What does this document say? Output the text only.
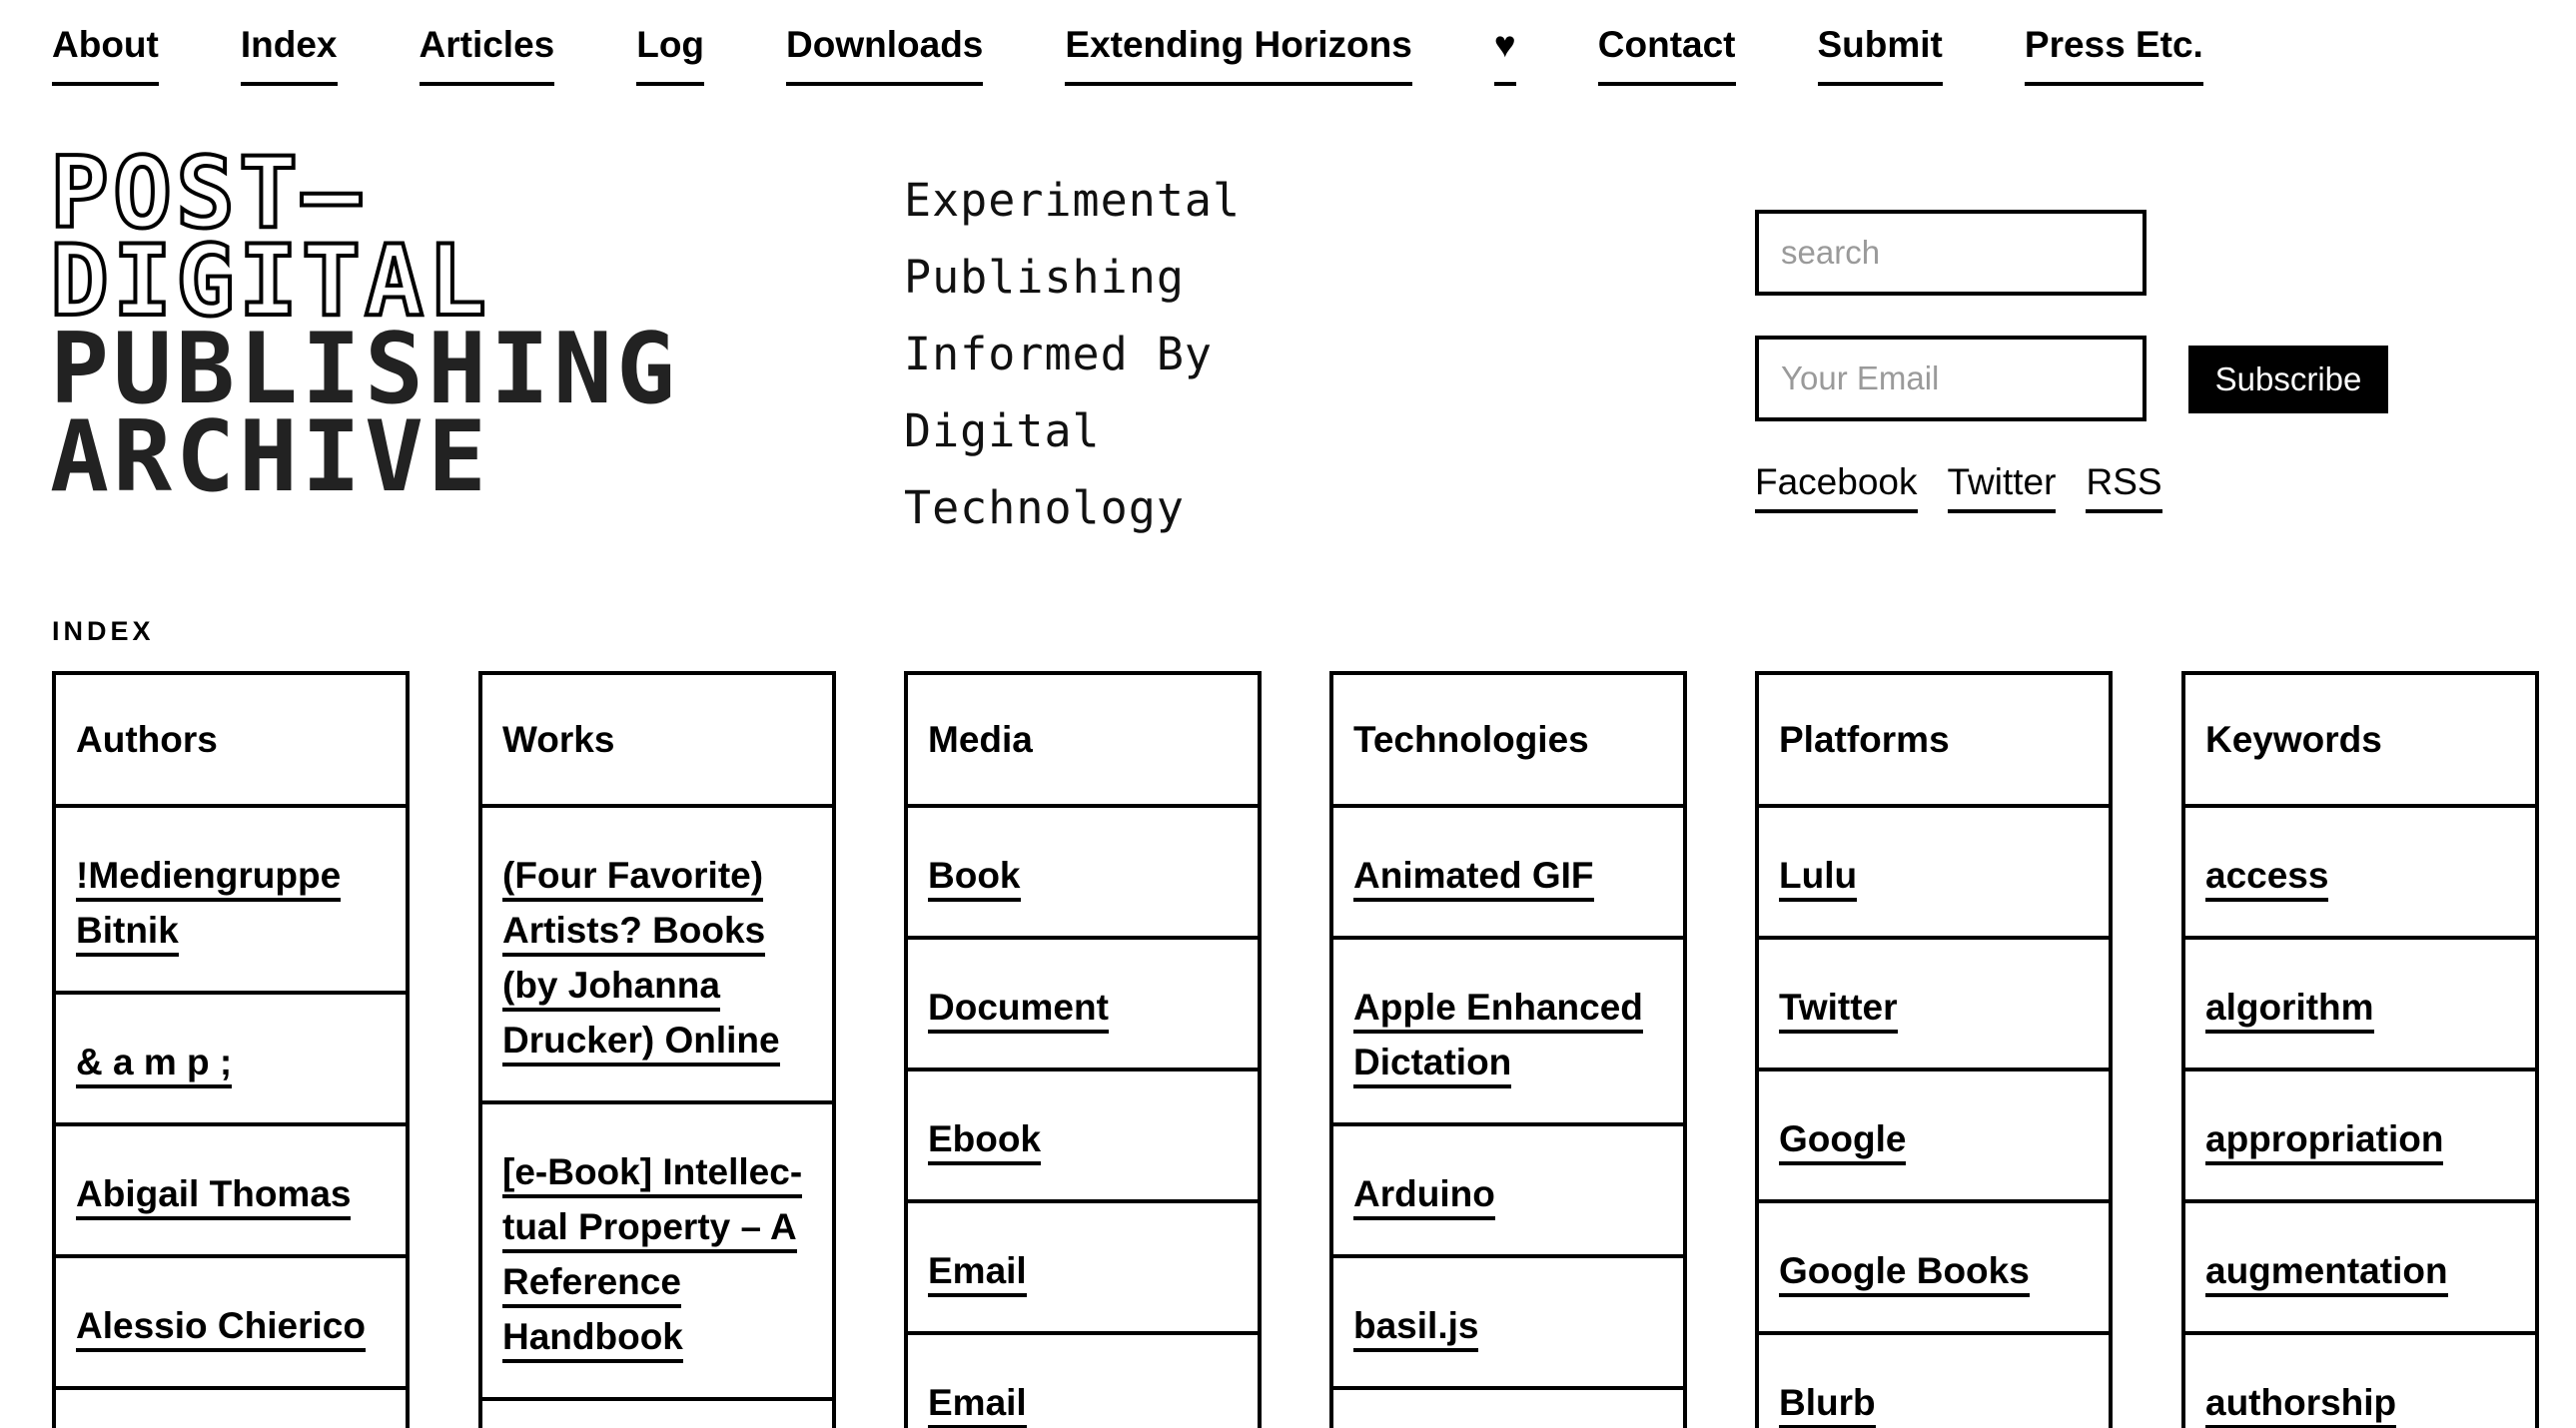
About Index Articles Log Downloads Extending Horizons ♥ Contact Submit Press Etc.
POST—
DIGITAL
PUBLISHING
ARCHIVE
Experimental
Publishing
Informed By
Digital
Technology
search
Your Email
Subscribe
Facebook Twitter RSS
INDEX
Authors
!Mediengruppe Bitnik
& a m p ;
Abigail Thomas
Alessio Chierico
Works
(Four Favorite) Artists? Books (by Johanna Drucker) Online
[e-Book] Intellec-tual Property – A Reference Handbook
Media
Book
Document
Ebook
Email
Email
Technologies
Animated GIF
Apple Enhanced Dictation
Arduino
basil.js
Platforms
Lulu
Twitter
Google
Google Books
Blurb
Keywords
access
algorithm
appropriation
augmentation
authorship
